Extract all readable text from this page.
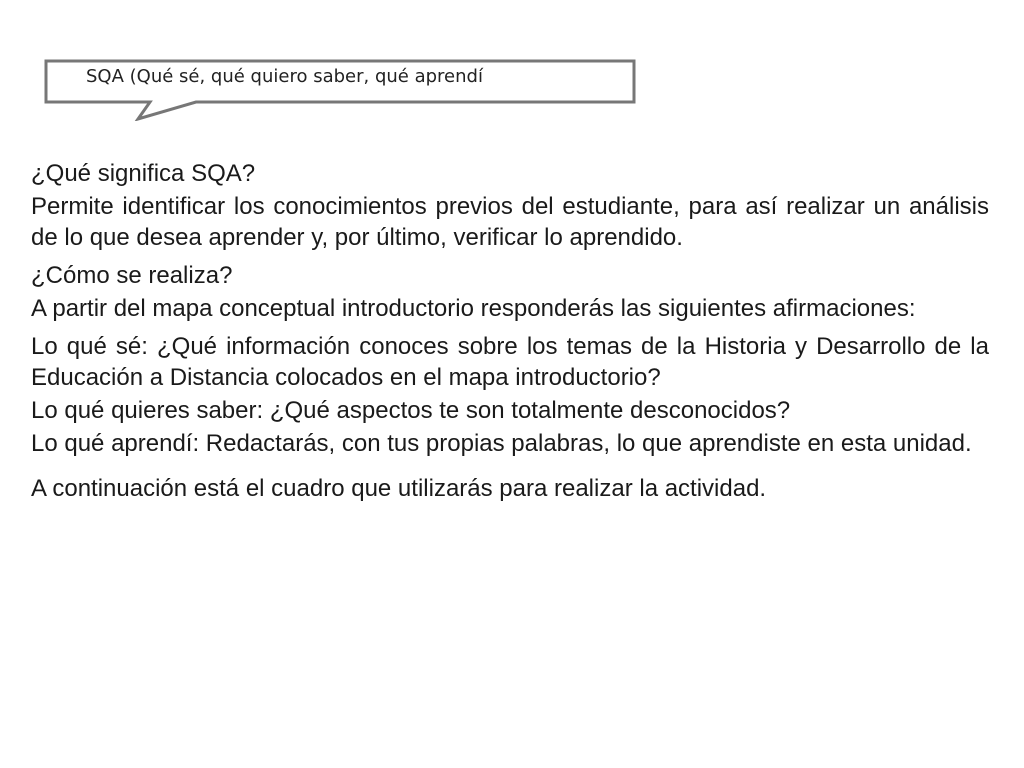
SQA (Qué sé, qué quiero saber, qué aprendí

¿Qué significa SQA?

Permite identificar los conocimientos previos del estudiante, para así realizar un análisis de lo que desea aprender y, por último, verificar lo aprendido.

¿Cómo se realiza?

A partir del mapa conceptual introductorio responderás las siguientes afirmaciones:

Lo qué sé: ¿Qué información conoces sobre los temas de la Historia y Desarrollo de la Educación a Distancia colocados en el mapa introductorio?

Lo qué quieres saber: ¿Qué aspectos te son totalmente desconocidos?

Lo qué aprendí: Redactarás, con tus propias palabras, lo que aprendiste en esta unidad.

A continuación está el cuadro que utilizarás para realizar la actividad.
